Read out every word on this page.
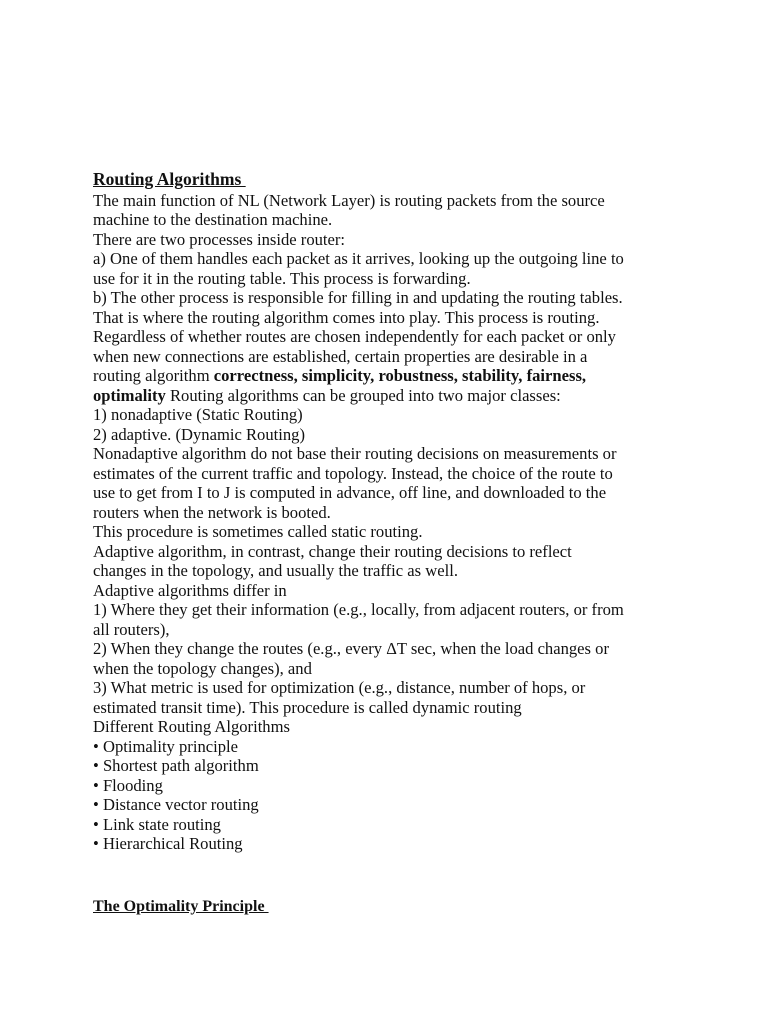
Routing Algorithms
The main function of NL (Network Layer) is routing packets from the source
machine to the destination machine.
There are two processes inside router:
a) One of them handles each packet as it arrives, looking up the outgoing line to
use for it in the routing table. This process is forwarding.
b) The other process is responsible for filling in and updating the routing tables.
That is where the routing algorithm comes into play. This process is routing.
Regardless of whether routes are chosen independently for each packet or only
when new connections are established, certain properties are desirable in a
routing algorithm correctness, simplicity, robustness, stability, fairness,
optimality Routing algorithms can be grouped into two major classes:
1) nonadaptive (Static Routing)
2) adaptive. (Dynamic Routing)
Nonadaptive algorithm do not base their routing decisions on measurements or
estimates of the current traffic and topology. Instead, the choice of the route to
use to get from I to J is computed in advance, off line, and downloaded to the
routers when the network is booted.
This procedure is sometimes called static routing.
Adaptive algorithm, in contrast, change their routing decisions to reflect
changes in the topology, and usually the traffic as well.
Adaptive algorithms differ in
1) Where they get their information (e.g., locally, from adjacent routers, or from
all routers),
2) When they change the routes (e.g., every ΔT sec, when the load changes or
when the topology changes), and
3) What metric is used for optimization (e.g., distance, number of hops, or
estimated transit time). This procedure is called dynamic routing
Different Routing Algorithms
• Optimality principle
• Shortest path algorithm
• Flooding
• Distance vector routing
• Link state routing
• Hierarchical Routing
The Optimality Principle
